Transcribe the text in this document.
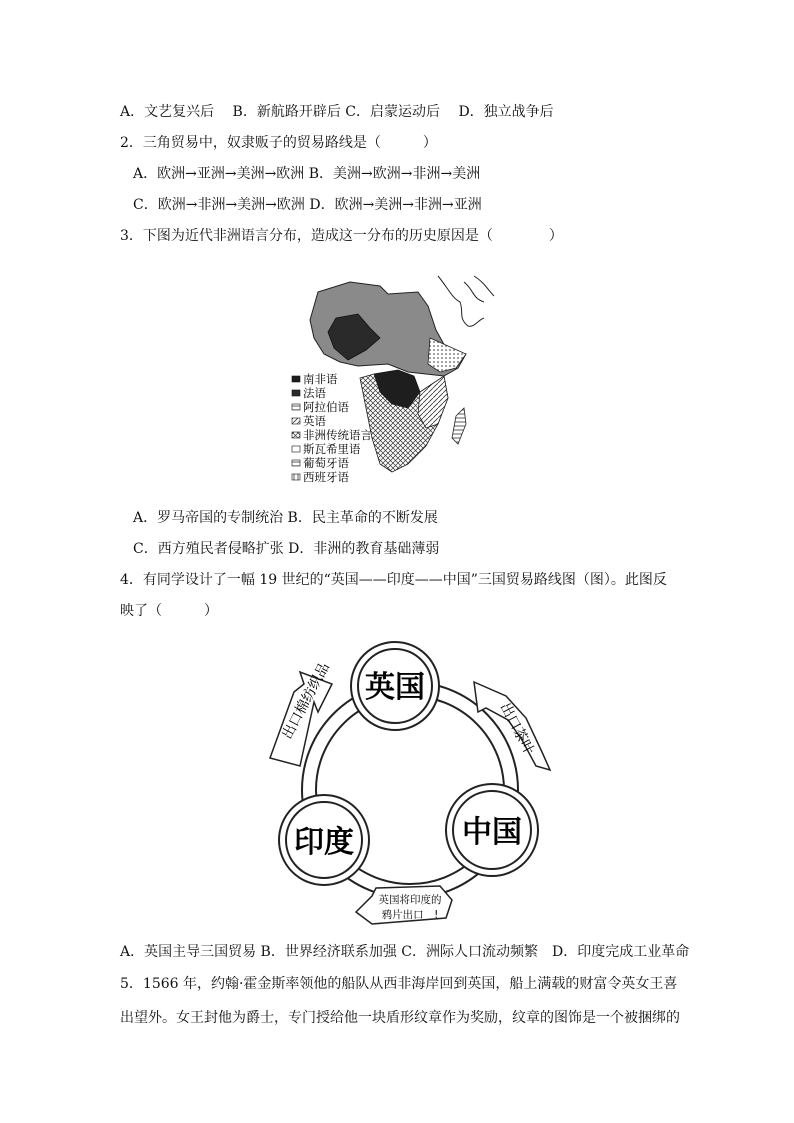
A．文艺复兴后　 B．新航路开辟后 C．启蒙运动后　 D．独立战争后
2．三角贸易中，奴隶贩子的贸易路线是（　　　）
A．欧洲→亚洲→美洲→欧洲 B．美洲→欧洲→非洲→美洲
C．欧洲→非洲→美洲→欧洲 D．欧洲→美洲→非洲→亚洲
3．下图为近代非洲语言分布，造成这一分布的历史原因是（　　　　）
南非语
法语
阿拉伯语
英语
非洲传统语言
斯瓦希里语
葡萄牙语
西班牙语
A．罗马帝国的专制统治 B．民主革命的不断发展
C．西方殖民者侵略扩张 D．非洲的教育基础薄弱
4．有同学设计了一幅 19 世纪的“英国——印度——中国”三国贸易路线图（图）。此图反
映了（　　　）
英国
印度	中国
出口棉纺织品	出口茶叶
英国将印度的
鸦片出口　!
A．英国主导三国贸易 B．世界经济联系加强 C．洲际人口流动频繁　D．印度完成工业革命
5．1566 年，约翰·霍金斯率领他的船队从西非海岸回到英国，船上满载的财富令英女王喜
出望外。女王封他为爵士，专门授给他一块盾形纹章作为奖励，纹章的图饰是一个被捆绑的
